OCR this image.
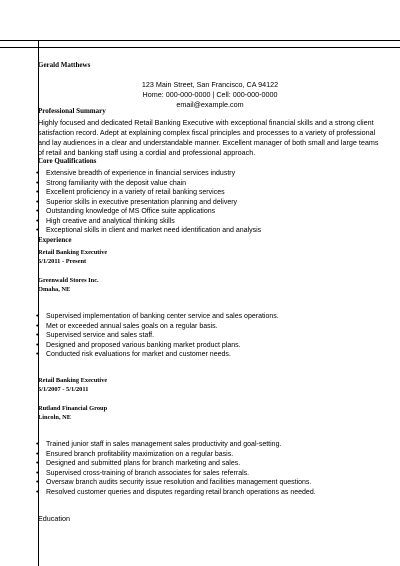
Gerald Matthews
123 Main Street, San Francisco, CA 94122
Home: 000-000-0000 | Cell: 000-000-0000
email@example.com
Professional Summary
Highly focused and dedicated Retail Banking Executive with exceptional financial skills and a strong client
satisfaction record. Adept at explaining complex fiscal principles and processes to a variety of professional
and lay audiences in a clear and understandable manner. Excellent manager of both small and large teams
of retail and banking staff using a cordial and professional approach.
Core Qualifications
• Extensive breadth of experience in financial services industry
• Strong familiarity with the deposit value chain
• Excellent proficiency in a variety of retail banking services
• Superior skills in executive presentation planning and delivery
• Outstanding knowledge of MS Office suite applications
• High creative and analytical thinking skills
• Exceptional skills in client and market need identification and analysis
Experience
Retail Banking Executive
6/1/2011 - Present
Greenwald Stores Inc.
Omaha, NE
• Supervised implementation of banking center service and sales operations.
• Met or exceeded annual sales goals on a regular basis.
• Supervised service and sales staff.
• Designed and proposed various banking market product plans.
• Conducted risk evaluations for market and customer needs.
Retail Banking Executive
6/1/2007 - 5/1/2011
Rutland Financial Group
Lincoln, NE
• Trained junior staff in sales management sales productivity and goal-setting.
• Ensured branch profitability maximization on a regular basis.
• Designed and submitted plans for branch marketing and sales.
• Supervised cross-training of branch associates for sales referrals.
• Oversaw branch audits security issue resolution and facilities management questions.
• Resolved customer queries and disputes regarding retail branch operations as needed.
Education
